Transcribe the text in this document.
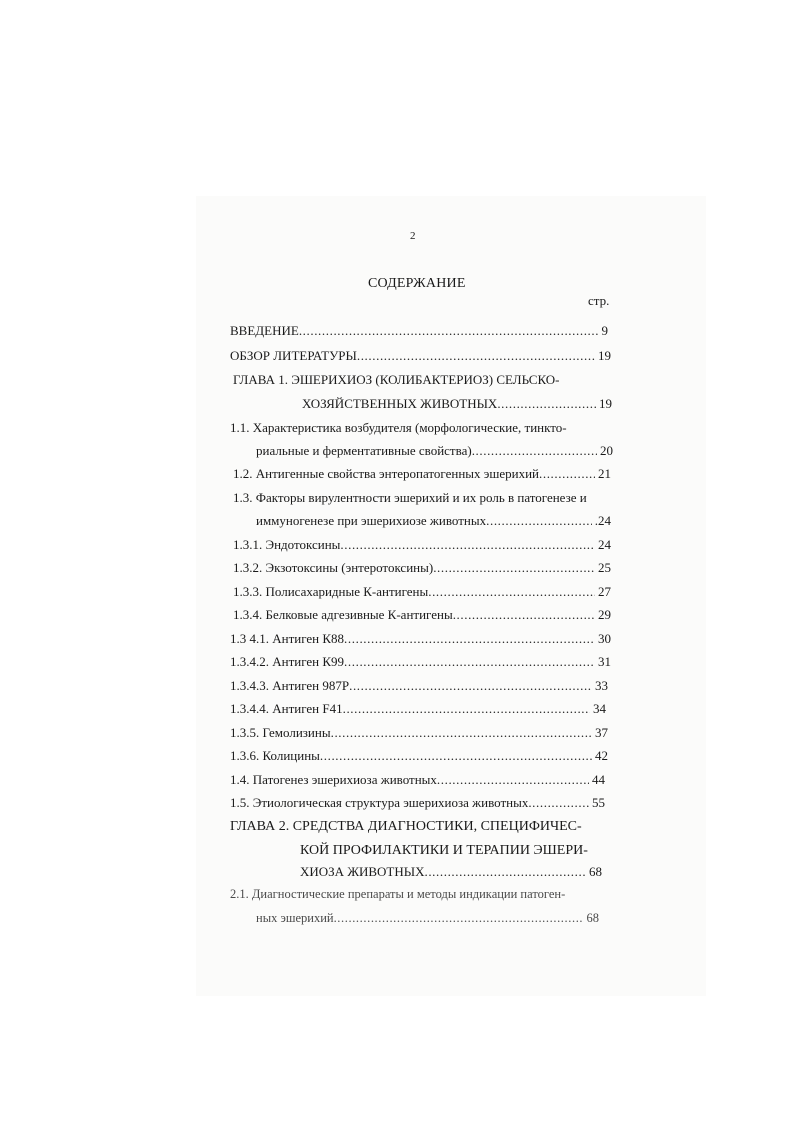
2
СОДЕРЖАНИЕ
стр.
ВВЕДЕНИЕ .....	9
ОБЗОР ЛИТЕРАТУРЫ .....	19
ГЛАВА 1. ЭШЕРИХИОЗ (КОЛИБАКТЕРИОЗ) СЕЛЬСКО-
ХОЗЯЙСТВЕННЫХ ЖИВОТНЫХ .....	19
1.1. Характеристика возбудителя (морфологические, тинкто-
риальные и ферментативные свойства) .....	20
1.2. Антигенные свойства энтеропатогенных эшерихий .....	21
1.3. Факторы вирулентности эшерихий и их роль в патогенезе и
иммуногенезе при эшерихиозе животных .....	.24
1.3.1. Эндотоксины .....	24
1.3.2. Экзотоксины (энтеротоксины) .....	25
1.3.3. Полисахаридные К-антигены .....	27
1.3.4. Белковые адгезивные К-антигены .....	29
1.3 4.1. Антиген К88 .....	30
1.3.4.2. Антиген К99 .....	31
1.3.4.3. Антиген 987Р .....	33
1.3.4.4. Антиген F41 .....	34
1.3.5. Гемолизины .....	37
1.3.6. Колицины .....	42
1.4. Патогенез эшерихиоза животных .....	44
1.5. Этиологическая структура эшерихиоза животных .....	55
ГЛАВА 2. СРЕДСТВА ДИАГНОСТИКИ, СПЕЦИФИЧЕС-
КОЙ ПРОФИЛАКТИКИ И ТЕРАПИИ ЭШЕРИ-
ХИОЗА ЖИВОТНЫХ .....	68
2.1. Диагностические препараты и методы индикации патоген-
ных эшерихий .....	68
